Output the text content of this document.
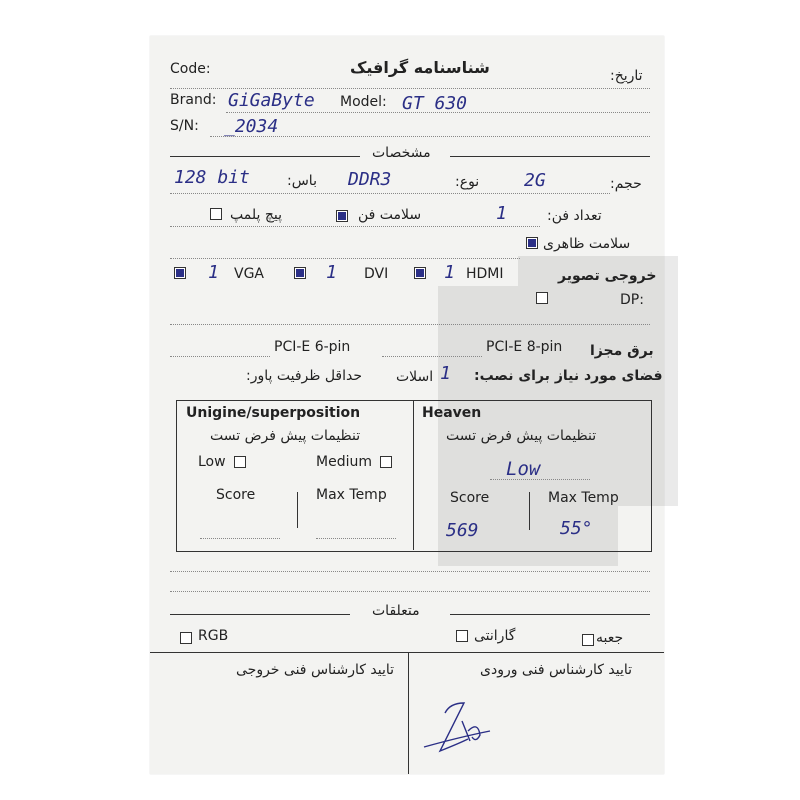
Code:	شناسنامه گرافیک	تاریخ:
Brand: GiGaByte Model: GT 630
S/N: _2034
مشخصات
حجم:
2G
نوع:
DDR3
باس:
128 bit
تعداد فن:
1
سلامت فن
پیچ پلمپ
سلامت ظاهری
خروجی تصویر
HDMI
1
DVI
1
VGA
1
DP:
برق مجزا
PCI-E 8-pin
PCI-E 6-pin
فضای مورد نیاز برای نصب:
1
اسلات
حداقل ظرفیت پاور:
Unigine/superposition
تنظیمات پیش فرض تست
Low	Medium
Score	Max Temp
Heaven
تنظیمات پیش فرض تست
Low
Score	Max Temp
569	55°
متعلقات
جعبه
گارانتی
RGB
تایید کارشناس فنی ورودی
تایید کارشناس فنی خروجی
